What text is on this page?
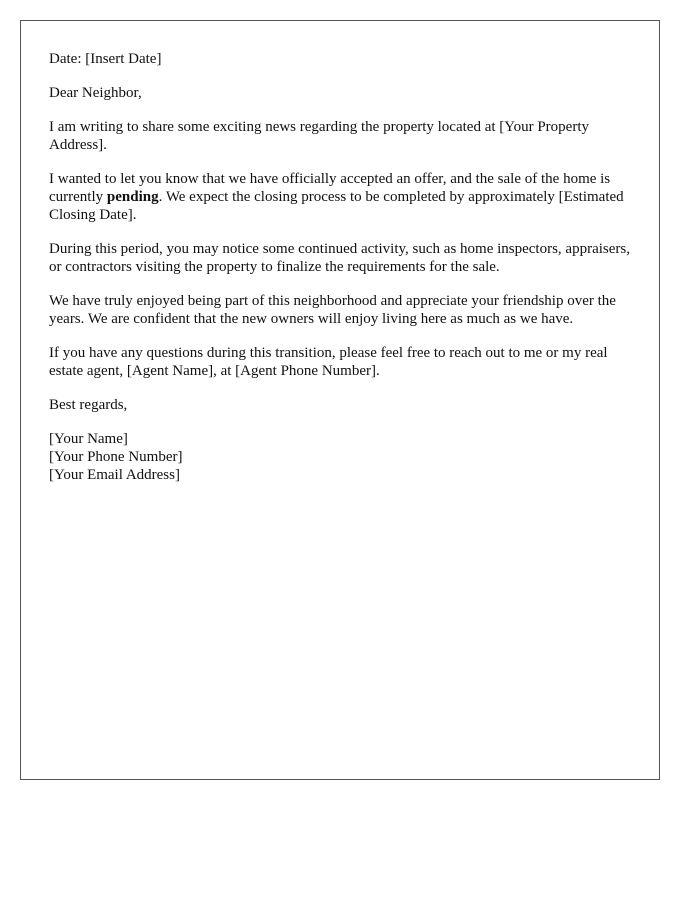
Date: [Insert Date]

Dear Neighbor,

I am writing to share some exciting news regarding the property located at [Your Property Address].

I wanted to let you know that we have officially accepted an offer, and the sale of the home is currently pending. We expect the closing process to be completed by approximately [Estimated Closing Date].

During this period, you may notice some continued activity, such as home inspectors, appraisers, or contractors visiting the property to finalize the requirements for the sale.

We have truly enjoyed being part of this neighborhood and appreciate your friendship over the years. We are confident that the new owners will enjoy living here as much as we have.

If you have any questions during this transition, please feel free to reach out to me or my real estate agent, [Agent Name], at [Agent Phone Number].

Best regards,

[Your Name]
[Your Phone Number]
[Your Email Address]
